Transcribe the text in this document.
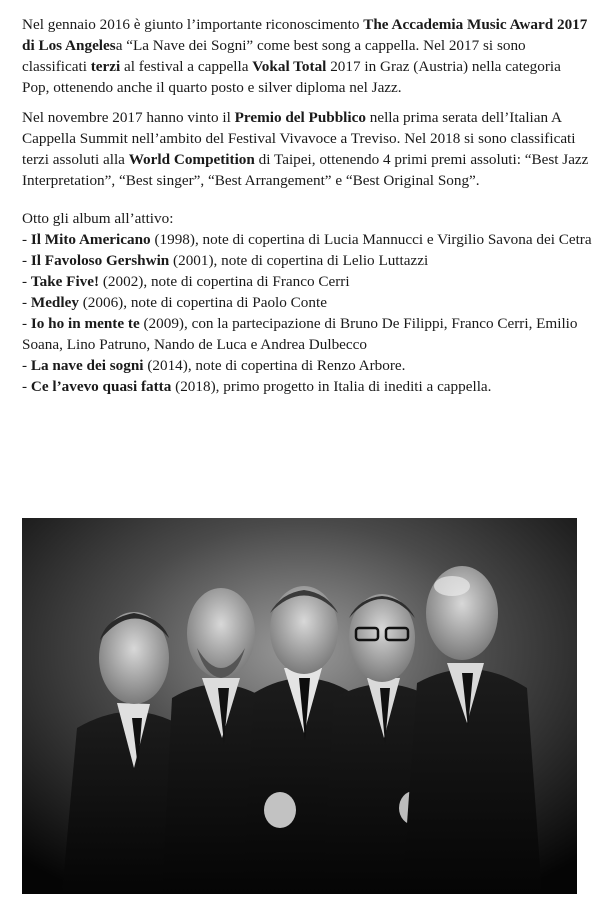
Nel gennaio 2016 è giunto l’importante riconoscimento The Accademia Music Award 2017 di Los Angelesa “La Nave dei Sogni” come best song a cappella. Nel 2017 si sono classificati terzi al festival a cappella Vokal Total 2017 in Graz (Austria) nella categoria Pop, ottenendo anche il quarto posto e silver diploma nel Jazz.

Nel novembre 2017 hanno vinto il Premio del Pubblico nella prima serata dell’Italian A Cappella Summit nell’ambito del Festival Vivavoce a Treviso. Nel 2018 si sono classificati terzi assoluti alla World Competition di Taipei, ottenendo 4 primi premi assoluti: “Best Jazz Interpretation”, “Best singer”, “Best Arrangement” e “Best Original Song”.

Otto gli album all’attivo:

- Il Mito Americano (1998), note di copertina di Lucia Mannucci e Virgilio Savona dei Cetra
- Il Favoloso Gershwin (2001), note di copertina di Lelio Luttazzi
- Take Five! (2002), note di copertina di Franco Cerri
- Medley (2006), note di copertina di Paolo Conte
- Io ho in mente te (2009), con la partecipazione di Bruno De Filippi, Franco Cerri, Emilio Soana, Lino Patruno, Nando de Luca e Andrea Dulbecco
- La nave dei sogni (2014), note di copertina di Renzo Arbore.
- Ce l’avevo quasi fatta (2018), primo progetto in Italia di inediti a cappella.
